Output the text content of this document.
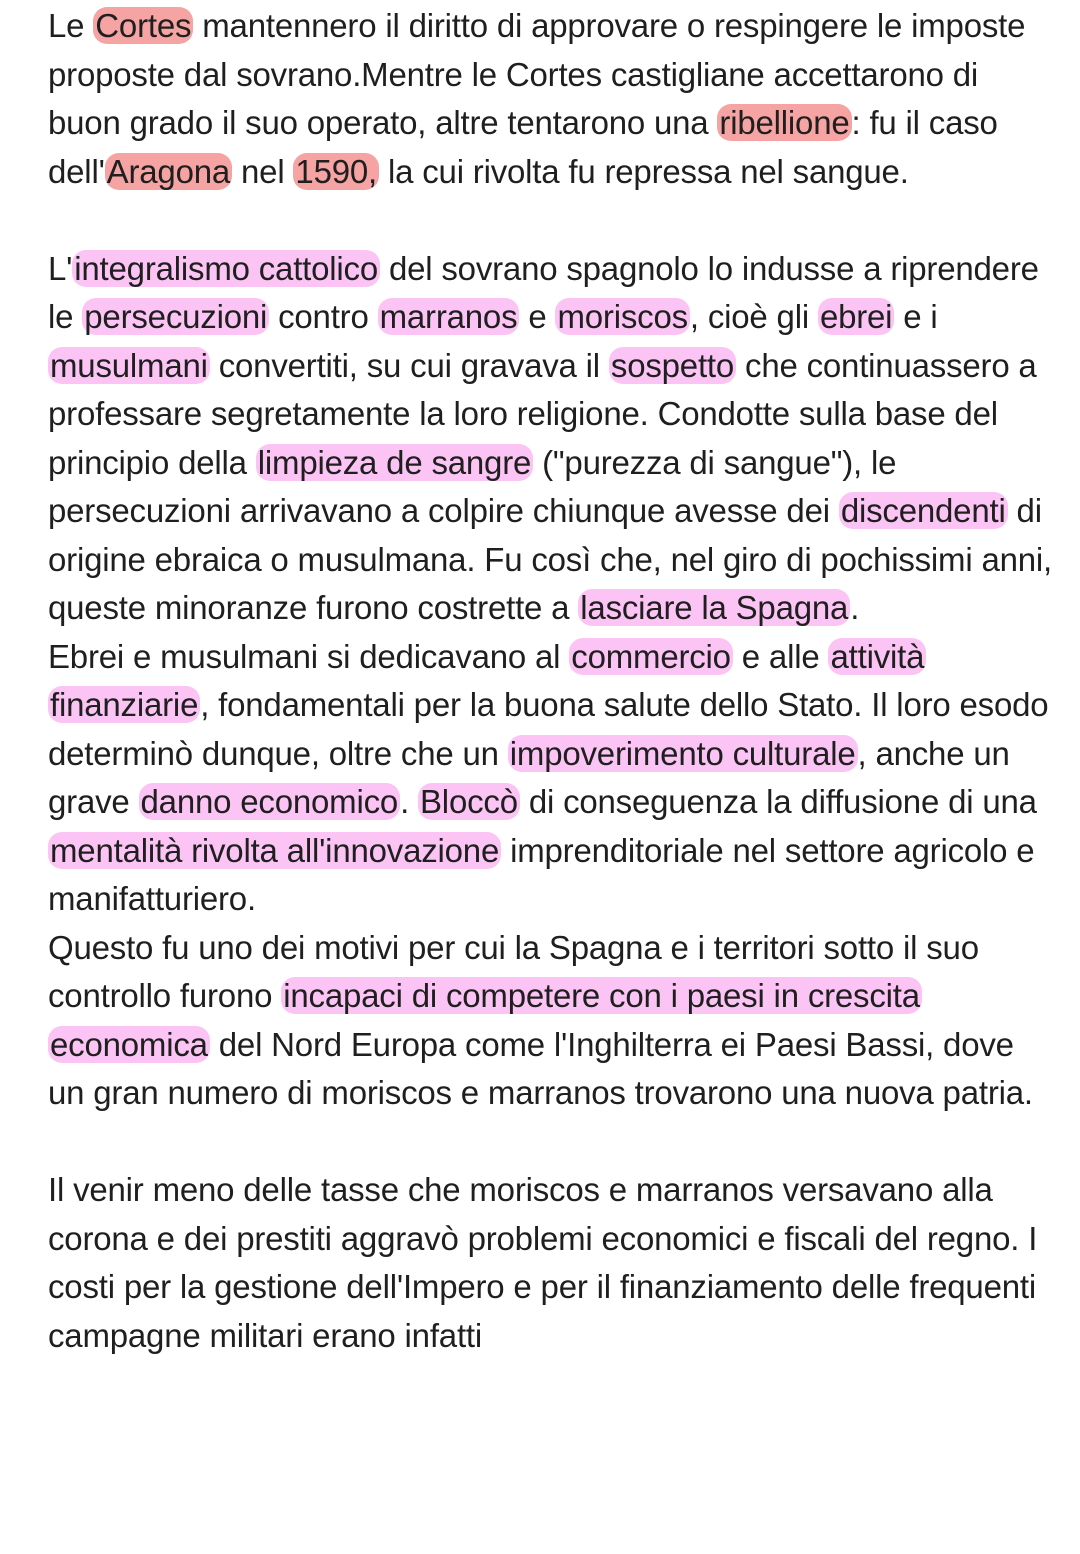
Le Cortes mantennero il diritto di approvare o respingere le imposte proposte dal sovrano.Mentre le Cortes castigliane accettarono di buon grado il suo operato, altre tentarono una ribellione: fu il caso dell'Aragona nel 1590, la cui rivolta fu repressa nel sangue.

L'integralismo cattolico del sovrano spagnolo lo indusse a riprendere le persecuzioni contro marranos e moriscos, cioè gli ebrei e i musulmani convertiti, su cui gravava il sospetto che continuassero a professare segretamente la loro religione. Condotte sulla base del principio della limpieza de sangre ("purezza di sangue"), le persecuzioni arrivavano a colpire chiunque avesse dei discendenti di origine ebraica o musulmana. Fu così che, nel giro di pochissimi anni, queste minoranze furono costrette a lasciare la Spagna.

Ebrei e musulmani si dedicavano al commercio e alle attività finanziarie, fondamentali per la buona salute dello Stato. Il loro esodo determinò dunque, oltre che un impoverimento culturale, anche un grave danno economico. Bloccò di conseguenza la diffusione di una mentalità rivolta all'innovazione imprenditoriale nel settore agricolo e manifatturiero.

Questo fu uno dei motivi per cui la Spagna e i territori sotto il suo controllo furono incapaci di competere con i paesi in crescita economica del Nord Europa come l'Inghilterra ei Paesi Bassi, dove un gran numero di moriscos e marranos trovarono una nuova patria.

Il venir meno delle tasse che moriscos e marranos versavano alla corona e dei prestiti aggravò problemi economici e fiscali del regno. I costi per la gestione dell'Impero e per il finanziamento delle frequenti campagne militari erano infatti
